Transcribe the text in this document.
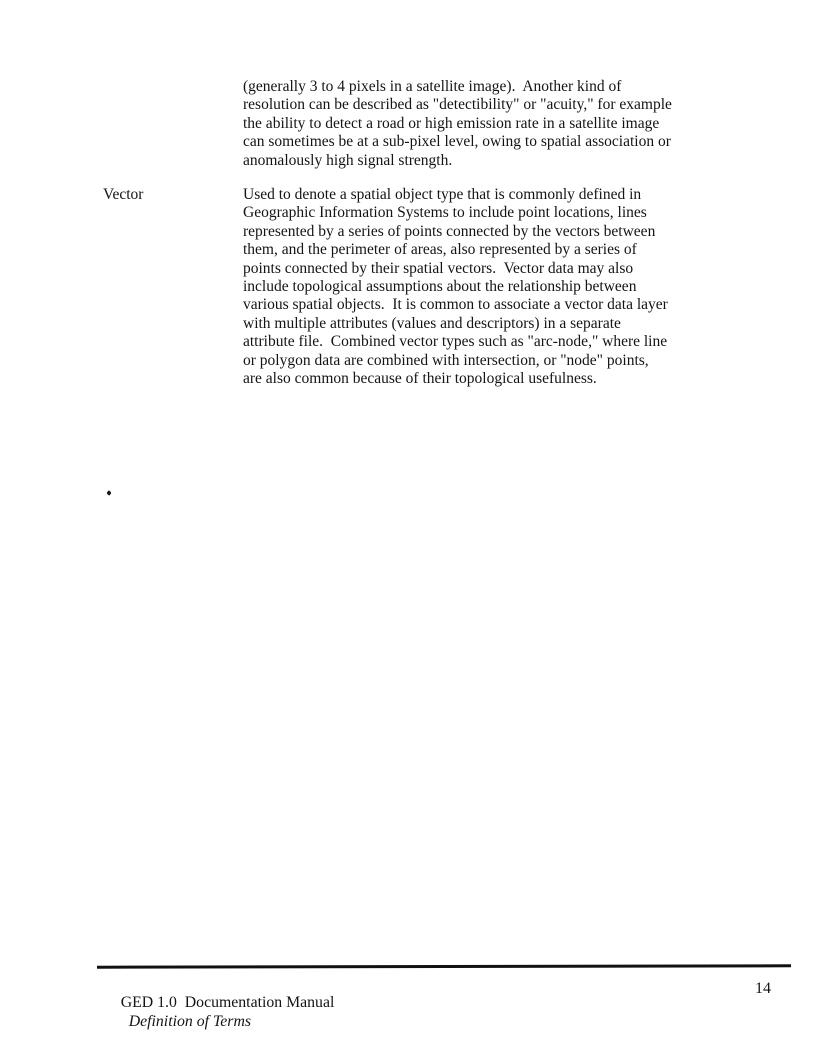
(generally 3 to 4 pixels in a satellite image).  Another kind of
resolution can be described as "detectibility" or "acuity," for example
the ability to detect a road or high emission rate in a satellite image
can sometimes be at a sub-pixel level, owing to spatial association or
anomalously high signal strength.
Vector	Used to denote a spatial object type that is commonly defined in
Geographic Information Systems to include point locations, lines
represented by a series of points connected by the vectors between
them, and the perimeter of areas, also represented by a series of
points connected by their spatial vectors.  Vector data may also
include topological assumptions about the relationship between
various spatial objects.  It is common to associate a vector data layer
with multiple attributes (values and descriptors) in a separate
attribute file.  Combined vector types such as "arc-node," where line
or polygon data are combined with intersection, or "node" points,
are also common because of their topological usefulness.

GED 1.0  Documentation Manual
Definition of Terms

14
